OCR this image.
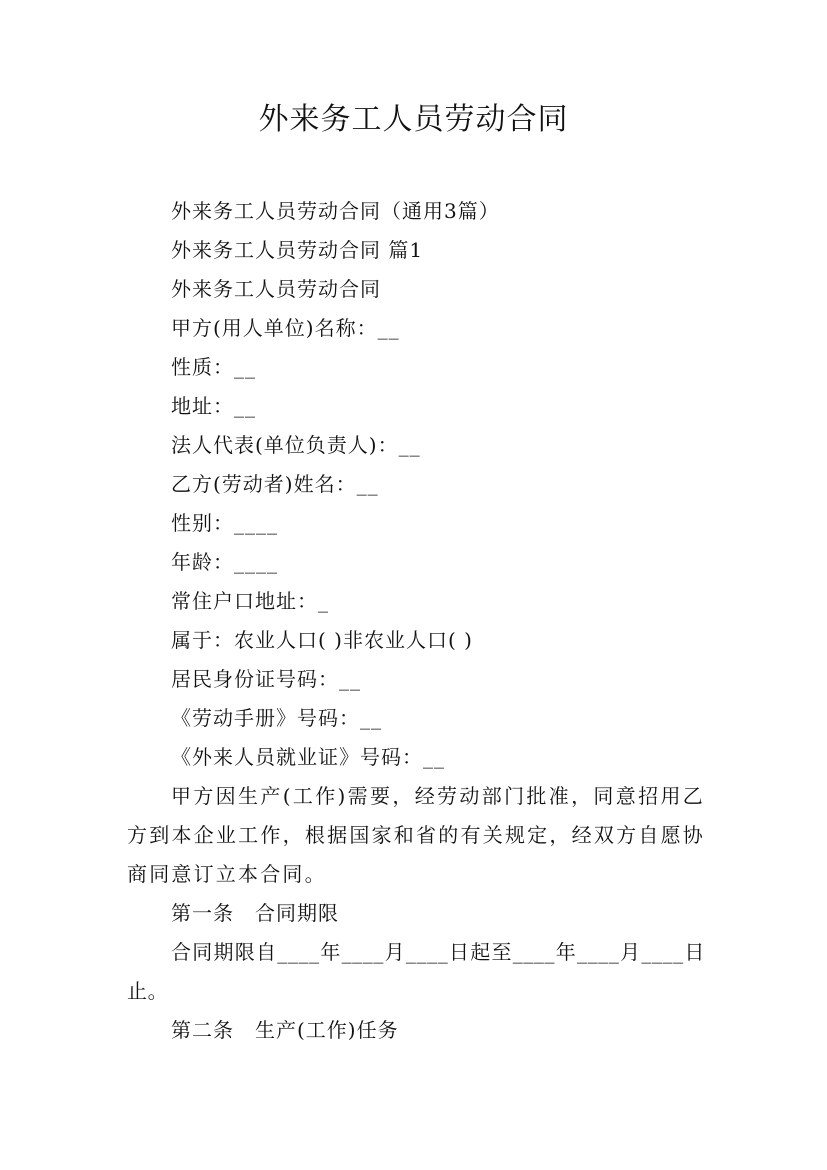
外来务工人员劳动合同
外来务工人员劳动合同（通用3篇）
外来务工人员劳动合同 篇1
外来务工人员劳动合同
甲方(用人单位)名称：__
性质：__
地址：__
法人代表(单位负责人)：__
乙方(劳动者)姓名：__
性别：____
年龄：____
常住户口地址：_
属于：农业人口( )非农业人口( )
居民身份证号码：__
《劳动手册》号码：__
《外来人员就业证》号码：__

甲方因生产(工作)需要，经劳动部门批准，同意招用乙方到本企业工作，根据国家和省的有关规定，经双方自愿协商同意订立本合同。

第一条　合同期限

合同期限自____年____月____日起至____年____月____日止。

第二条　生产(工作)任务
